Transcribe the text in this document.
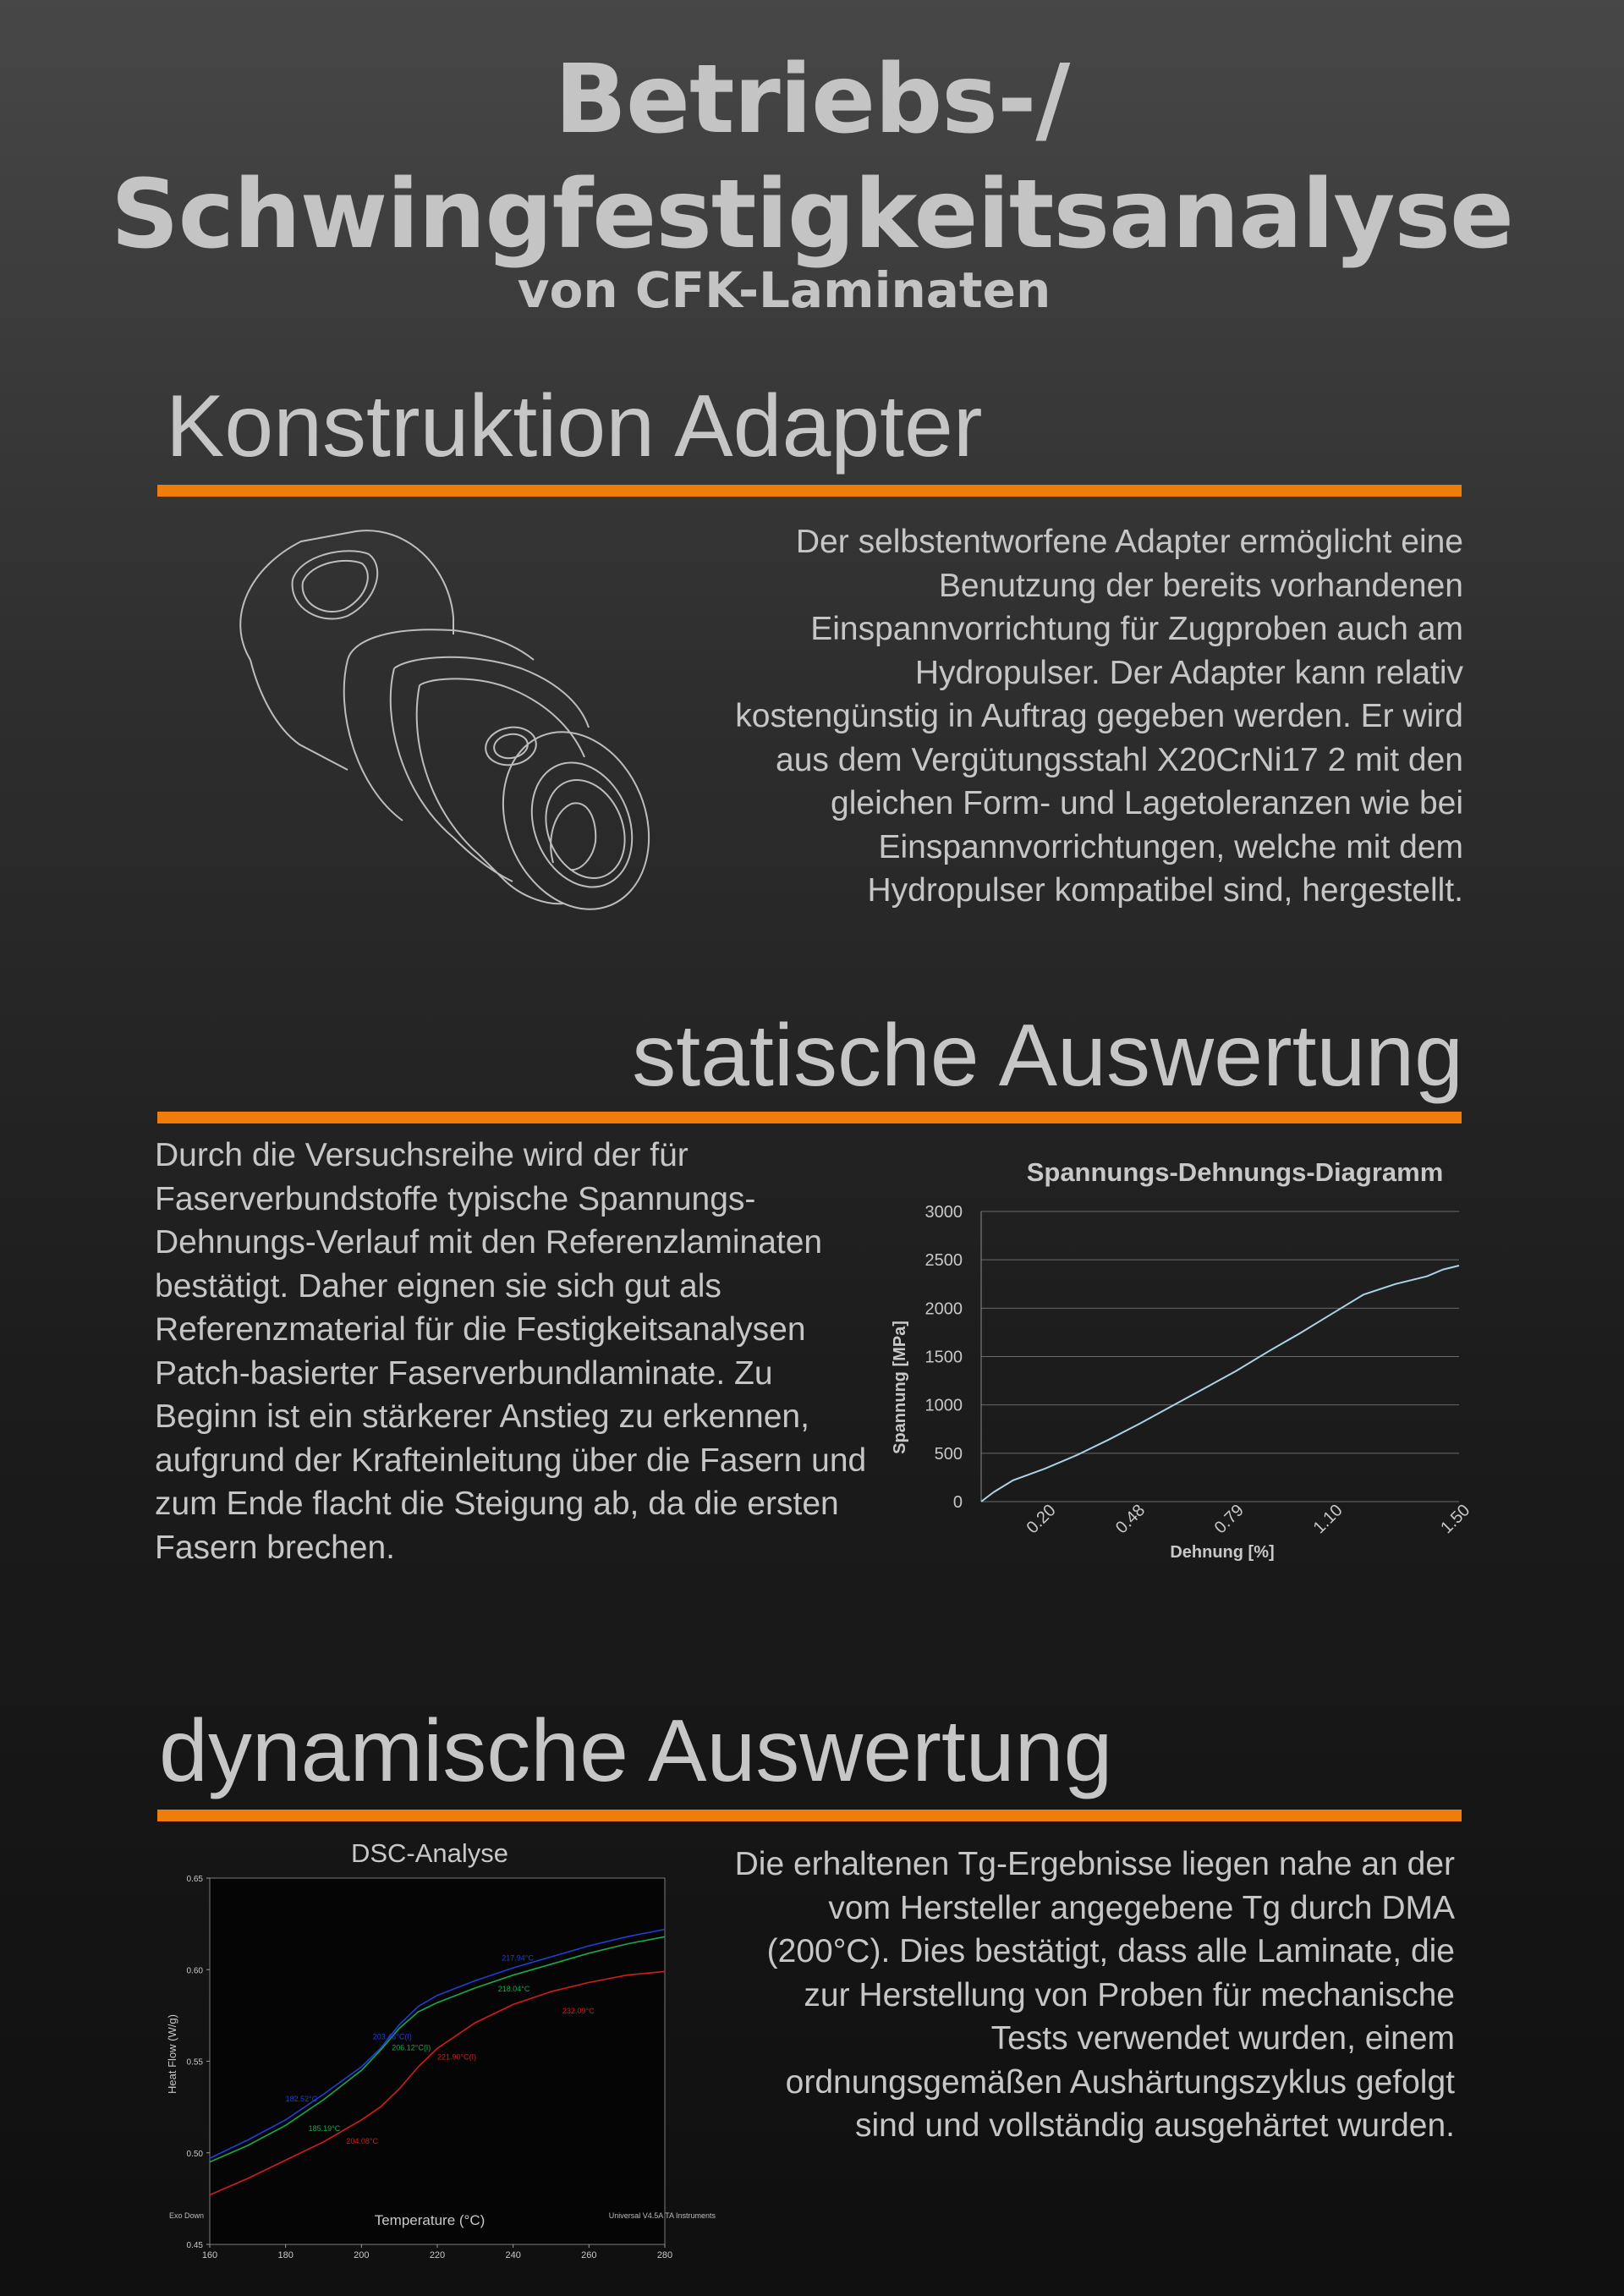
Betriebs-/
Schwingfestigkeitsanalyse
von CFK-Laminaten
Konstruktion Adapter
Der selbstentworfene Adapter ermöglicht eine Benutzung der bereits vorhandenen Einspannvorrichtung für Zugproben auch am Hydropulser. Der Adapter kann relativ kostengünstig in Auftrag gegeben werden. Er wird aus dem Vergütungsstahl X20CrNi17 2 mit den gleichen Form- und Lagetoleranzen wie bei Einspannvorrichtungen, welche mit dem Hydropulser kompatibel sind, hergestellt.
statische Auswertung
Durch die Versuchsreihe wird der für Faserverbundstoffe typische Spannungs-Dehnungs-Verlauf mit den Referenzlaminaten bestätigt. Daher eignen sie sich gut als Referenzmaterial für die Festigkeitsanalysen Patch-basierter Faserverbundlaminate. Zu Beginn ist ein stärkerer Anstieg zu erkennen, aufgrund der Krafteinleitung über die Fasern und zum Ende flacht die Steigung ab, da die ersten Fasern brechen.
Spannungs-Dehnungs-Diagramm
0
500
1000
1500
2000
2500
3000
0.20	0.48	0.79	1.10	1.50
Spannung [MPa]
Dehnung [%]
dynamische Auswertung
DSC-Analyse
0.45
0.50
0.55
0.60
0.65
160	180	200	220	240	260	280
182.52°C
203.46°C(I)
217.94°C
185.19°C
206.12°C(I)
218.04°C
204.08°C
221.90°C(I)
232.09°C
Heat Flow (W/g)
Temperature (°C)
Exo Down	Universal V4.5A TA Instruments
Die erhaltenen Tg-Ergebnisse liegen nahe an der vom Hersteller angegebene Tg durch DMA (200°C). Dies bestätigt, dass alle Laminate, die zur Herstellung von Proben für mechanische Tests verwendet wurden, einem ordnungsgemäßen Aushärtungszyklus gefolgt sind und vollständig ausgehärtet wurden.
